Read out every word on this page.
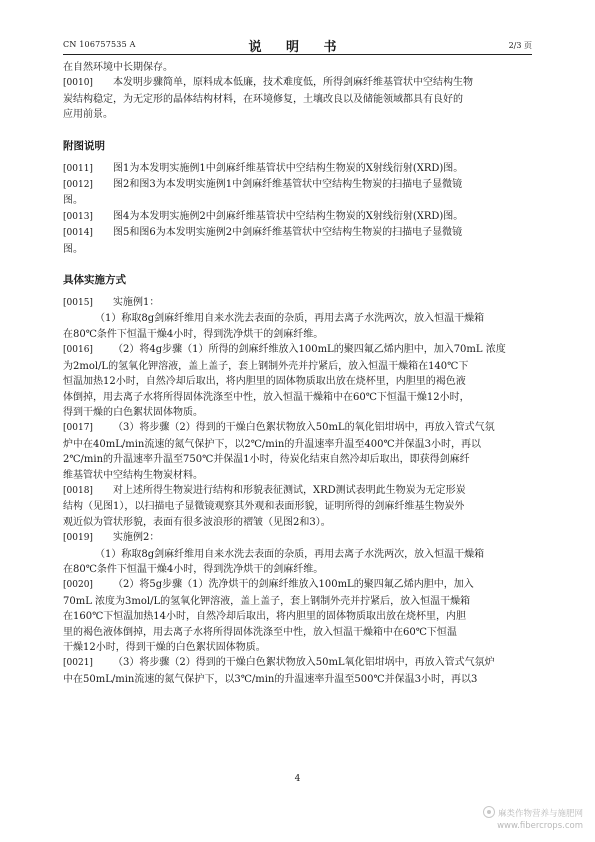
CN 106757535 A	说 明 书	2/3 页
在自然环境中长期保存。
[0010] 本发明步骤简单，原料成本低廉，技术难度低，所得剑麻纤维基管状中空结构生物
炭结构稳定，为无定形的晶体结构材料，在环境修复，土壤改良以及储能领域都具有良好的
应用前景。
附图说明
[0011] 图1为本发明实施例1中剑麻纤维基管状中空结构生物炭的X射线衍射(XRD)图。
[0012] 图2和图3为本发明实施例1中剑麻纤维基管状中空结构生物炭的扫描电子显微镜
图。
[0013] 图4为本发明实施例2中剑麻纤维基管状中空结构生物炭的X射线衍射(XRD)图。
[0014] 图5和图6为本发明实施例2中剑麻纤维基管状中空结构生物炭的扫描电子显微镜
图。
具体实施方式
[0015] 实施例1：
（1）称取8g剑麻纤维用自来水洗去表面的杂质，再用去离子水洗两次，放入恒温干燥箱
在80℃条件下恒温干燥4小时，得到洗净烘干的剑麻纤维。
[0016] （2）将4g步骤（1）所得的剑麻纤维放入100mL的聚四氟乙烯内胆中，加入70mL 浓度
为2mol/L的氢氧化钾溶液，盖上盖子，套上钢制外壳并拧紧后，放入恒温干燥箱在140℃下
恒温加热12小时，自然冷却后取出，将内胆里的固体物质取出放在烧杯里，内胆里的褐色液
体倒掉，用去离子水将所得固体洗涤至中性，放入恒温干燥箱中在60℃下恒温干燥12小时，
得到干燥的白色絮状固体物质。
[0017] （3）将步骤（2）得到的干燥白色絮状物放入50mL的氧化铝坩埚中，再放入管式气氛
炉中在40mL/min流速的氮气保护下，以2℃/min的升温速率升温至400℃并保温3小时，再以
2℃/min的升温速率升温至750℃并保温1小时，待炭化结束自然冷却后取出，即获得剑麻纤
维基管状中空结构生物炭材料。
[0018] 对上述所得生物炭进行结构和形貌表征测试，XRD测试表明此生物炭为无定形炭
结构（见图1），以扫描电子显微镜观察其外观和表面形貌，证明所得的剑麻纤维基生物炭外
观近似为管状形貌，表面有很多波浪形的褶皱（见图2和3）。
[0019] 实施例2：
（1）称取8g剑麻纤维用自来水洗去表面的杂质，再用去离子水洗两次，放入恒温干燥箱
在80℃条件下恒温干燥4小时，得到洗净烘干的剑麻纤维。
[0020] （2）将5g步骤（1）洗净烘干的剑麻纤维放入100mL的聚四氟乙烯内胆中，加入
70mL 浓度为3mol/L的氢氧化钾溶液，盖上盖子，套上钢制外壳并拧紧后，放入恒温干燥箱
在160℃下恒温加热14小时，自然冷却后取出，将内胆里的固体物质取出放在烧杯里，内胆
里的褐色液体倒掉，用去离子水将所得固体洗涤至中性，放入恒温干燥箱中在60℃下恒温
干燥12小时，得到干燥的白色絮状固体物质。
[0021] （3）将步骤（2）得到的干燥白色絮状物放入50mL氧化铝坩埚中，再放入管式气氛炉
中在50mL/min流速的氮气保护下，以3℃/min的升温速率升温至500℃并保温3小时，再以3
4
麻类作物营养与施肥网
www.fibercrops.com
